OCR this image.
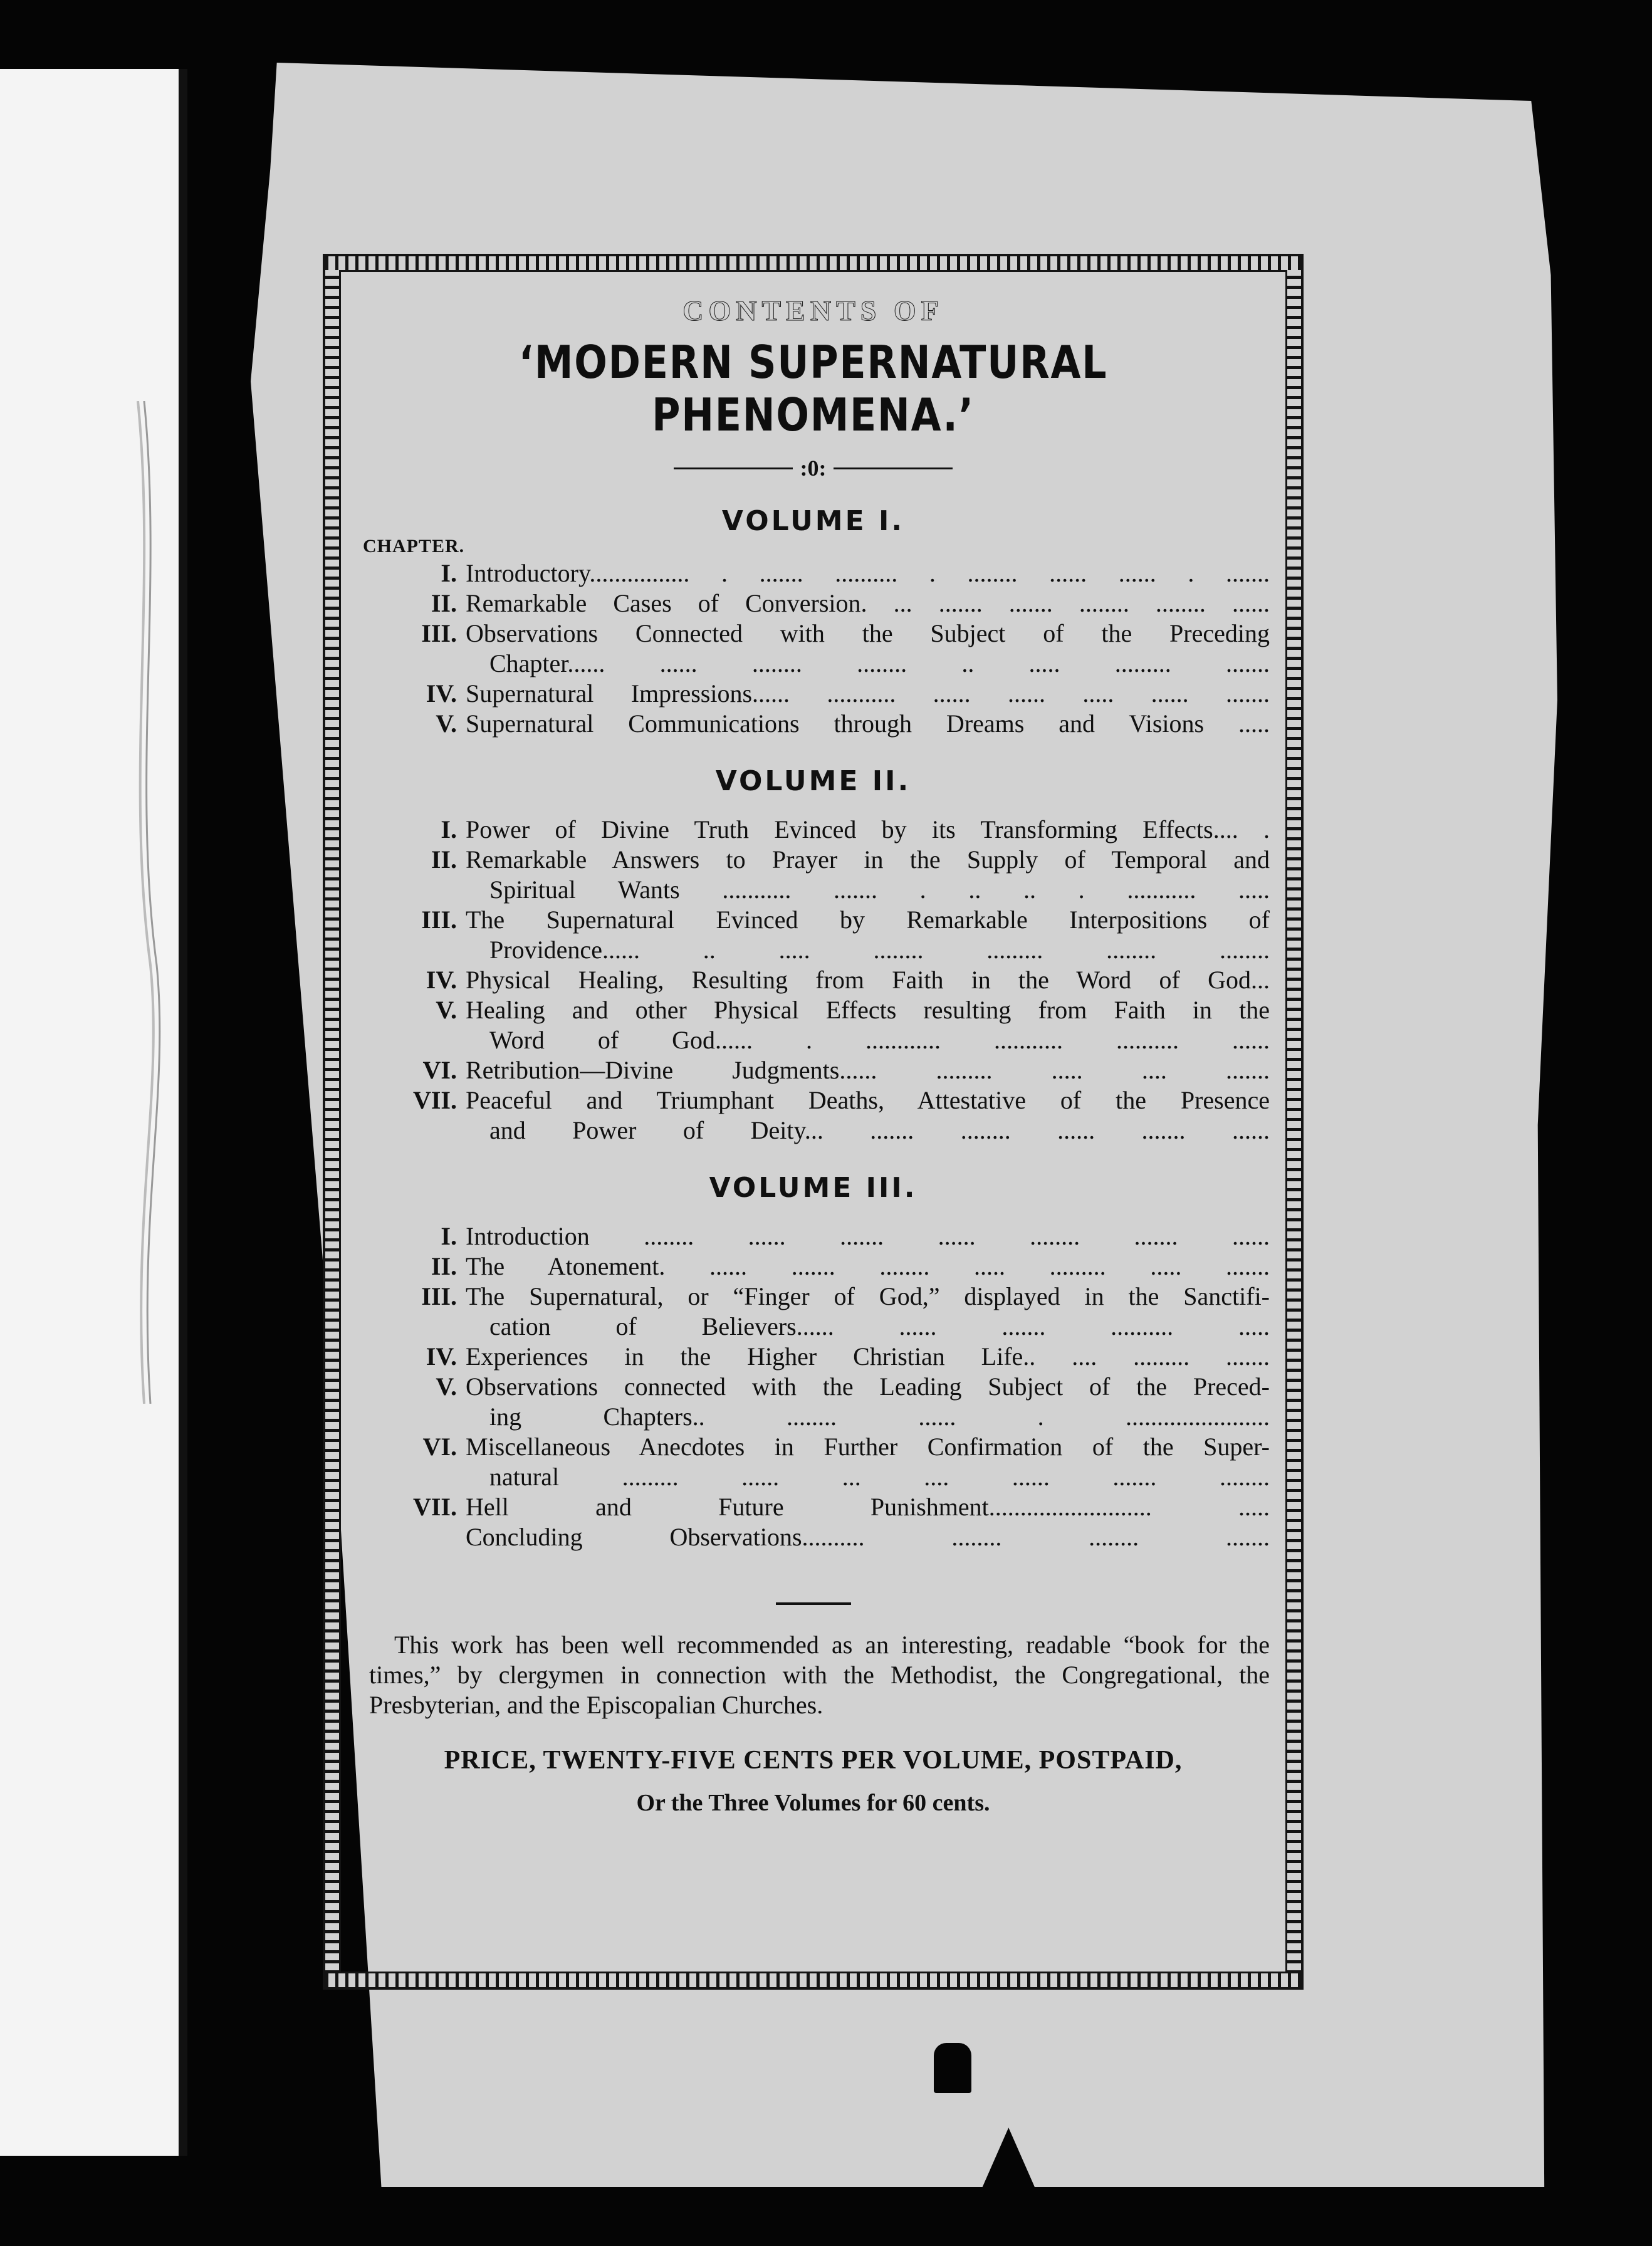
CONTENTS OF
‘MODERN SUPERNATURAL PHENOMENA.’
:0:
VOLUME I.
CHAPTER.
I. Introductory................ . ....... .......... . ........ ...... ...... . .......
II. Remarkable Cases of Conversion. ... ....... ....... ........ ........ ......
III. Observations Connected with the Subject of the Preceding
Chapter...... ...... ........ ........ .. ..... ......... .......
IV. Supernatural Impressions...... ........... ...... ...... ..... ...... .......
V. Supernatural Communications through Dreams and Visions .....
VOLUME II.
I. Power of Divine Truth Evinced by its Transforming Effects.... .
II. Remarkable Answers to Prayer in the Supply of Temporal and
Spiritual Wants ........... ....... . .. .. . ........... .....
III. The Supernatural Evinced by Remarkable Interpositions of
Providence...... .. ..... ........ ......... ........ ........
IV. Physical Healing, Resulting from Faith in the Word of God...
V. Healing and other Physical Effects resulting from Faith in the
Word of God...... . ............ ........... .......... ......
VI. Retribution—Divine Judgments...... ......... ..... .... .......
VII. Peaceful and Triumphant Deaths, Attestative of the Presence
and Power of Deity... ....... ........ ...... ....... ......
VOLUME III.
I. Introduction ........ ...... ....... ...... ........ ....... ......
II. The Atonement. ...... ....... ........ ..... ......... ..... .......
III. The Supernatural, or “Finger of God,” displayed in the Sanctifi-
cation of Believers...... ...... ....... .......... .....
IV. Experiences in the Higher Christian Life.. .... ......... .......
V. Observations connected with the Leading Subject of the Preced-
ing Chapters.. ........ ...... . .......................
VI. Miscellaneous Anecdotes in Further Confirmation of the Super-
natural ......... ...... ... .... ...... ....... ........
VII. Hell and Future Punishment.......................... .....
Concluding Observations.......... ........ ........ .......
This work has been well recommended as an interesting, readable “book for the times,” by clergymen in connection with the Methodist, the Congregational, the Presbyterian, and the Episcopalian Churches.
PRICE, TWENTY-FIVE CENTS PER VOLUME, POSTPAID,
Or the Three Volumes for 60 cents.
